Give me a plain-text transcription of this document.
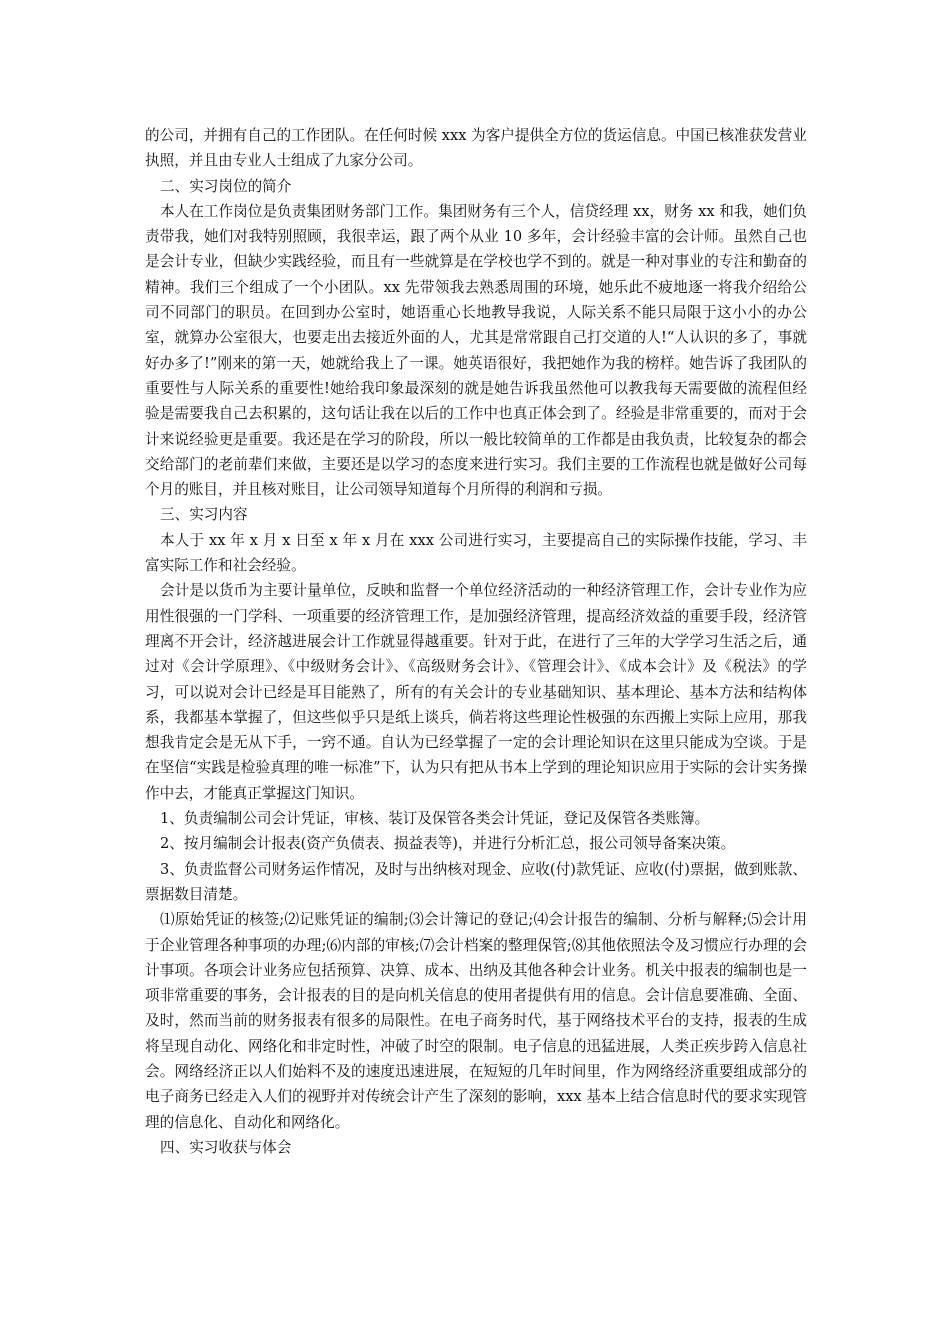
的公司，并拥有自己的工作团队。在任何时候 xxx 为客户提供全方位的货运信息。中国已核准获发营业执照，并且由专业人士组成了九家分公司。

二、实习岗位的简介

本人在工作岗位是负责集团财务部门工作。集团财务有三个人，信贷经理 xx，财务 xx 和我，她们负责带我，她们对我特别照顾，我很幸运，跟了两个从业 10 多年，会计经验丰富的会计师。虽然自己也是会计专业，但缺少实践经验，而且有一些就算是在学校也学不到的。就是一种对事业的专注和勤奋的精神。我们三个组成了一个小团队。xx 先带领我去熟悉周围的环境，她乐此不疲地逐一将我介绍给公司不同部门的职员。在回到办公室时，她语重心长地教导我说，人际关系不能只局限于这小小的办公室，就算办公室很大，也要走出去接近外面的人，尤其是常常跟自己打交道的人!“人认识的多了，事就好办多了!”刚来的第一天，她就给我上了一课。她英语很好，我把她作为我的榜样。她告诉了我团队的重要性与人际关系的重要性!她给我印象最深刻的就是她告诉我虽然他可以教我每天需要做的流程但经验是需要我自己去积累的，这句话让我在以后的工作中也真正体会到了。经验是非常重要的，而对于会计来说经验更是重要。我还是在学习的阶段，所以一般比较简单的工作都是由我负责，比较复杂的都会交给部门的老前辈们来做，主要还是以学习的态度来进行实习。我们主要的工作流程也就是做好公司每个月的账目，并且核对账目，让公司领导知道每个月所得的利润和亏损。

三、实习内容

本人于 xx 年 x 月 x 日至 x 年 x 月在 xxx 公司进行实习，主要提高自己的实际操作技能，学习、丰富实际工作和社会经验。

会计是以货币为主要计量单位，反映和监督一个单位经济活动的一种经济管理工作，会计专业作为应用性很强的一门学科、一项重要的经济管理工作，是加强经济管理，提高经济效益的重要手段，经济管理离不开会计，经济越进展会计工作就显得越重要。针对于此，在进行了三年的大学学习生活之后，通过对《会计学原理》、《中级财务会计》、《高级财务会计》、《管理会计》、《成本会计》及《税法》的学习，可以说对会计已经是耳目能熟了，所有的有关会计的专业基础知识、基本理论、基本方法和结构体系，我都基本掌握了，但这些似乎只是纸上谈兵，倘若将这些理论性极强的东西搬上实际上应用，那我想我肯定会是无从下手，一窍不通。自认为已经掌握了一定的会计理论知识在这里只能成为空谈。于是在坚信“实践是检验真理的唯一标准”下，认为只有把从书本上学到的理论知识应用于实际的会计实务操作中去，才能真正掌握这门知识。

1、负责编制公司会计凭证，审核、装订及保管各类会计凭证，登记及保管各类账簿。

2、按月编制会计报表(资产负债表、损益表等)，并进行分析汇总，报公司领导备案决策。

3、负责监督公司财务运作情况，及时与出纳核对现金、应收(付)款凭证、应收(付)票据，做到账款、票据数目清楚。

⑴原始凭证的核签;⑵记账凭证的编制;⑶会计簿记的登记;⑷会计报告的编制、分析与解释;⑸会计用于企业管理各种事项的办理;⑹内部的审核;⑺会计档案的整理保管;⑻其他依照法令及习惯应行办理的会计事项。各项会计业务应包括预算、决算、成本、出纳及其他各种会计业务。机关中报表的编制也是一项非常重要的事务，会计报表的目的是向机关信息的使用者提供有用的信息。会计信息要准确、全面、及时，然而当前的财务报表有很多的局限性。在电子商务时代，基于网络技术平台的支持，报表的生成将呈现自动化、网络化和非定时性，冲破了时空的限制。电子信息的迅猛进展，人类正疾步跨入信息社会。网络经济正以人们始料不及的速度迅速进展，在短短的几年时间里，作为网络经济重要组成部分的电子商务已经走入人们的视野并对传统会计产生了深刻的影响，xxx 基本上结合信息时代的要求实现管理的信息化、自动化和网络化。

四、实习收获与体会
